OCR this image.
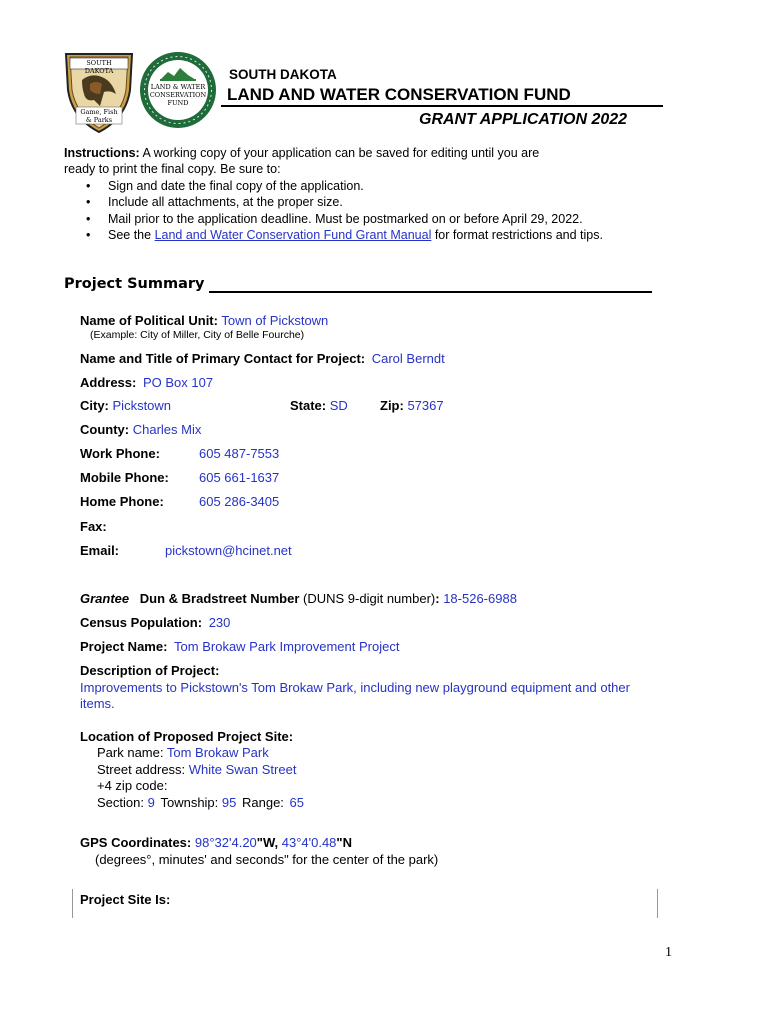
SOUTH DAKOTA
Game, Fish
& Parks
LAND & WATER
CONSERVATION
FUND
SOUTH DAKOTA
LAND AND WATER CONSERVATION FUND
GRANT APPLICATION 2022
Instructions: A working copy of your application can be saved for editing until you are
ready to print the final copy. Be sure to:
• Sign and date the final copy of the application.
• Include all attachments, at the proper size.
• Mail prior to the application deadline. Must be postmarked on or before April 29, 2022.
• See the Land and Water Conservation Fund Grant Manual for format restrictions and tips.
Project Summary
Name of Political Unit: Town of Pickstown
(Example: City of Miller, City of Belle Fourche)
Name and Title of Primary Contact for Project: Carol Berndt
Address: PO Box 107
City: Pickstown	State: SD Zip: 57367
County: Charles Mix
Work Phone:	605 487-7553
Mobile Phone: 605 661-1637
Home Phone:	605 286-3405
Fax:
Email:	pickstown@hcinet.net
Grantee Dun & Bradstreet Number (DUNS 9-digit number): 18-526-6988
Census Population: 230
Project Name: Tom Brokaw Park Improvement Project
Description of Project:
Improvements to Pickstown's Tom Brokaw Park, including new playground equipment and other
items.
Location of Proposed Project Site:
Park name: Tom Brokaw Park
Street address: White Swan Street
+4 zip code:
Section: 9 Township: 95 Range: 65
GPS Coordinates: 98°32'4.20"W, 43°4'0.48"N
(degrees°, minutes' and seconds" for the center of the park)
Project Site Is:
1
